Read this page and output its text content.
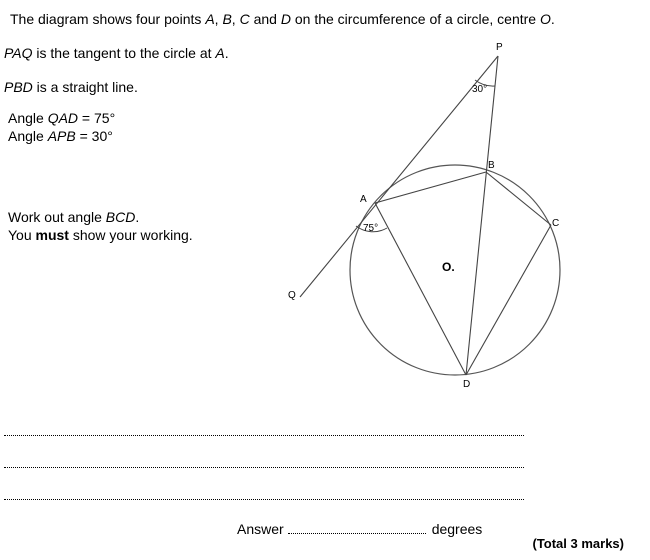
The diagram shows four points A, B, C and D on the circumference of a circle, centre O.
PAQ is the tangent to the circle at A.
PBD is a straight line.
Angle QAD = 75°
Angle APB = 30°
Work out angle BCD.
You must show your working.
P
30°
A
75°
B
C
D
Q
O.
Answer	degrees
(Total 3 marks)
